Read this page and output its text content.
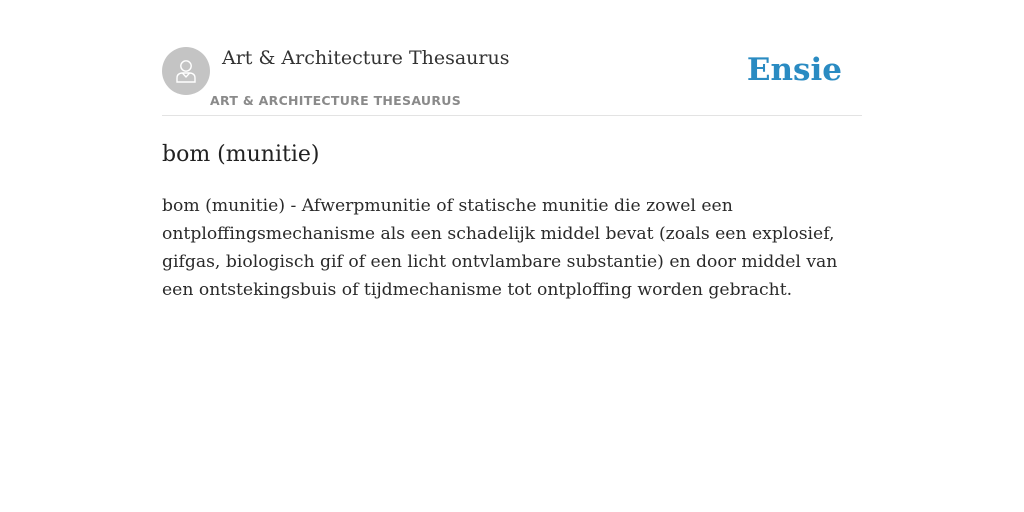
Art & Architecture Thesaurus
ART & ARCHITECTURE THESAURUS
Ensie
bom (munitie)

bom (munitie) - Afwerpmunitie of statische munitie die zowel een ontploffingsmechanisme als een schadelijk middel bevat (zoals een explosief, gifgas, biologisch gif of een licht ontvlambare substantie) en door middel van een ontstekingsbuis of tijdmechanisme tot ontploffing worden gebracht.
